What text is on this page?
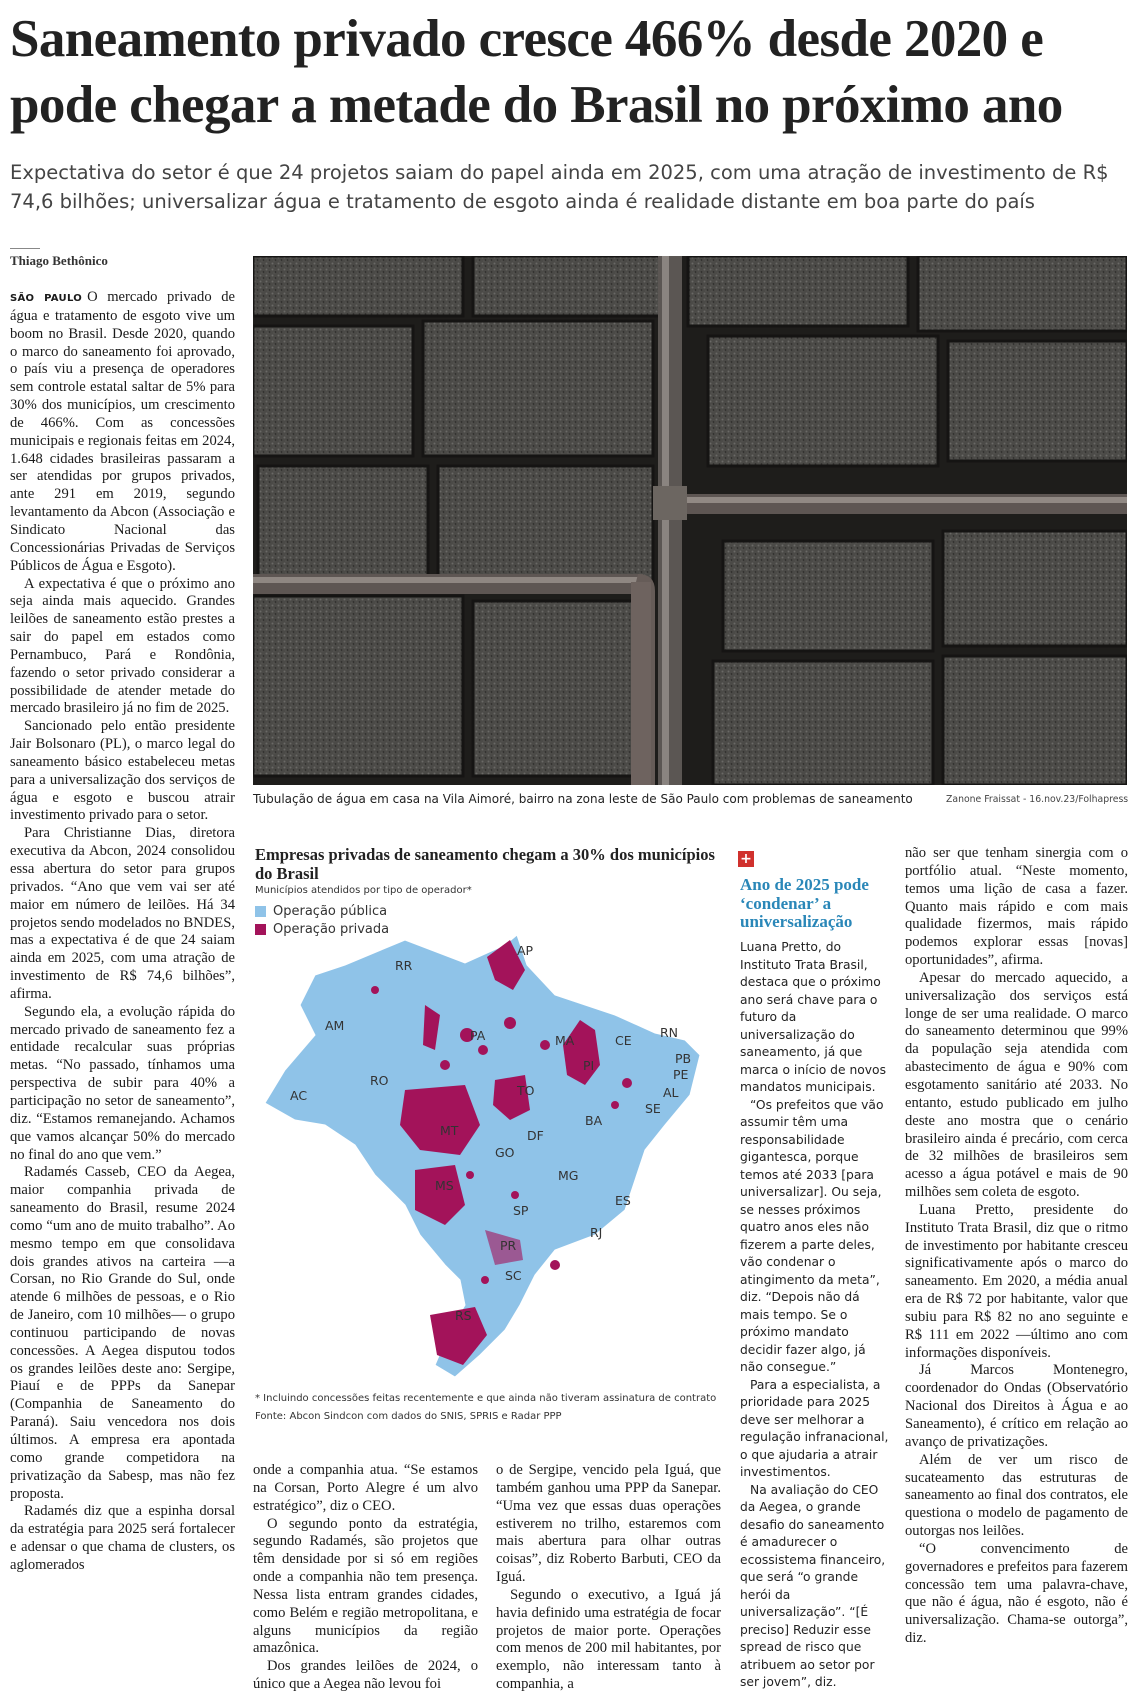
Saneamento privado cresce 466% desde 2020 e pode chegar a metade do Brasil no próximo ano

Expectativa do setor é que 24 projetos saiam do papel ainda em 2025, com uma atração de investimento de R$ 74,6 bilhões; universalizar água e tratamento de esgoto ainda é realidade distante em boa parte do país

Thiago Bethônico

SÃO PAULO O mercado privado de água e tratamento de esgoto vive um boom no Brasil. Desde 2020, quando o marco do saneamento foi aprovado, o país viu a presença de operadores sem controle estatal saltar de 5% para 30% dos municípios, um crescimento de 466%. Com as concessões municipais e regionais feitas em 2024, 1.648 cidades brasileiras passaram a ser atendidas por grupos privados, ante 291 em 2019, segundo levantamento da Abcon (Associação e Sindicato Nacional das Concessionárias Privadas de Serviços Públicos de Água e Esgoto).

A expectativa é que o próximo ano seja ainda mais aquecido. Grandes leilões de saneamento estão prestes a sair do papel em estados como Pernambuco, Pará e Rondônia, fazendo o setor privado considerar a possibilidade de atender metade do mercado brasileiro já no fim de 2025.

Sancionado pelo então presidente Jair Bolsonaro (PL), o marco legal do saneamento básico estabeleceu metas para a universalização dos serviços de água e esgoto e buscou atrair investimento privado para o setor.

Para Christianne Dias, diretora executiva da Abcon, 2024 consolidou essa abertura do setor para grupos privados. “Ano que vem vai ser até maior em número de leilões. Há 34 projetos sendo modelados no BNDES, mas a expectativa é de que 24 saiam ainda em 2025, com uma atração de investimento de R$ 74,6 bilhões”, afirma.

Segundo ela, a evolução rápida do mercado privado de saneamento fez a entidade recalcular suas próprias metas. “No passado, tínhamos uma perspectiva de subir para 40% a participação no setor de saneamento”, diz. “Estamos remanejando. Achamos que vamos alcançar 50% do mercado no final do ano que vem.”

Radamés Casseb, CEO da Aegea, maior companhia privada de saneamento do Brasil, resume 2024 como “um ano de muito trabalho”. Ao mesmo tempo em que consolidava dois grandes ativos na carteira —a Corsan, no Rio Grande do Sul, onde atende 6 milhões de pessoas, e o Rio de Janeiro, com 10 milhões— o grupo continuou participando de novas concessões. A Aegea disputou todos os grandes leilões deste ano: Sergipe, Piauí e de PPPs da Sanepar (Companhia de Saneamento do Paraná). Saiu vencedora nos dois últimos. A empresa era apontada como grande competidora na privatização da Sabesp, mas não fez proposta.

Radamés diz que a espinha dorsal da estratégia para 2025 será fortalecer e adensar o que chama de clusters, os aglomerados

Tubulação de água em casa na Vila Aimoré, bairro na zona leste de São Paulo com problemas de saneamento	Zanone Fraissat - 16.nov.23/Folhapress
Empresas privadas de saneamento chegam a 30% dos municípios do Brasil
Municípios atendidos por tipo de operador*
Operação pública
Operação privada
RR
AP
AM
PA	MA	CE
RN
PB
PE
AL
SE
PI
AC
RO
TO
BA
MT	DF
GO
MG
ES
MS
SP
RJ
PR
SC
RS
* Incluindo concessões feitas recentemente e que ainda não tiveram assinatura de contrato
Fonte: Abcon Sindcon com dados do SNIS, SPRIS e Radar PPP

onde a companhia atua. “Se estamos na Corsan, Porto Alegre é um alvo estratégico”, diz o CEO.

O segundo ponto da estratégia, segundo Radamés, são projetos que têm densidade por si só em regiões onde a companhia não tem presença. Nessa lista entram grandes cidades, como Belém e região metropolitana, e alguns municípios da região amazônica.

Dos grandes leilões de 2024, o único que a Aegea não levou foi

o de Sergipe, vencido pela Iguá, que também ganhou uma PPP da Sanepar. “Uma vez que essas duas operações estiverem no trilho, estaremos com mais abertura para olhar outras coisas”, diz Roberto Barbuti, CEO da Iguá.

Segundo o executivo, a Iguá já havia definido uma estratégia de focar projetos de maior porte. Operações com menos de 200 mil habitantes, por exemplo, não interessam tanto à companhia, a

+
Ano de 2025 pode ‘condenar’ a universalização

Luana Pretto, do Instituto Trata Brasil, destaca que o próximo ano será chave para o futuro da universalização do saneamento, já que marca o início de novos mandatos municipais.

“Os prefeitos que vão assumir têm uma responsabilidade gigantesca, porque temos até 2033 [para universalizar]. Ou seja, se nesses próximos quatro anos eles não fizerem a parte deles, vão condenar o atingimento da meta”, diz. “Depois não dá mais tempo. Se o próximo mandato decidir fazer algo, já não consegue.”

Para a especialista, a prioridade para 2025 deve ser melhorar a regulação infranacional, o que ajudaria a atrair investimentos.

Na avaliação do CEO da Aegea, o grande desafio do saneamento é amadurecer o ecossistema financeiro, que será “o grande herói da universalização”. “[É preciso] Reduzir esse spread de risco que atribuem ao setor por ser jovem”, diz.

não ser que tenham sinergia com o portfólio atual. “Neste momento, temos uma lição de casa a fazer. Quanto mais rápido e com mais qualidade fizermos, mais rápido podemos explorar essas [novas] oportunidades”, afirma.

Apesar do mercado aquecido, a universalização dos serviços está longe de ser uma realidade. O marco do saneamento determinou que 99% da população seja atendida com abastecimento de água e 90% com esgotamento sanitário até 2033. No entanto, estudo publicado em julho deste ano mostra que o cenário brasileiro ainda é precário, com cerca de 32 milhões de brasileiros sem acesso a água potável e mais de 90 milhões sem coleta de esgoto.

Luana Pretto, presidente do Instituto Trata Brasil, diz que o ritmo de investimento por habitante cresceu significativamente após o marco do saneamento. Em 2020, a média anual era de R$ 72 por habitante, valor que subiu para R$ 82 no ano seguinte e R$ 111 em 2022 —último ano com informações disponíveis.

Já Marcos Montenegro, coordenador do Ondas (Observatório Nacional dos Direitos à Água e ao Saneamento), é crítico em relação ao avanço de privatizações.

Além de ver um risco de sucateamento das estruturas de saneamento ao final dos contratos, ele questiona o modelo de pagamento de outorgas nos leilões.

“O convencimento de governadores e prefeitos para fazerem concessão tem uma palavra-chave, que não é água, não é esgoto, não é universalização. Chama-se outorga”, diz.
